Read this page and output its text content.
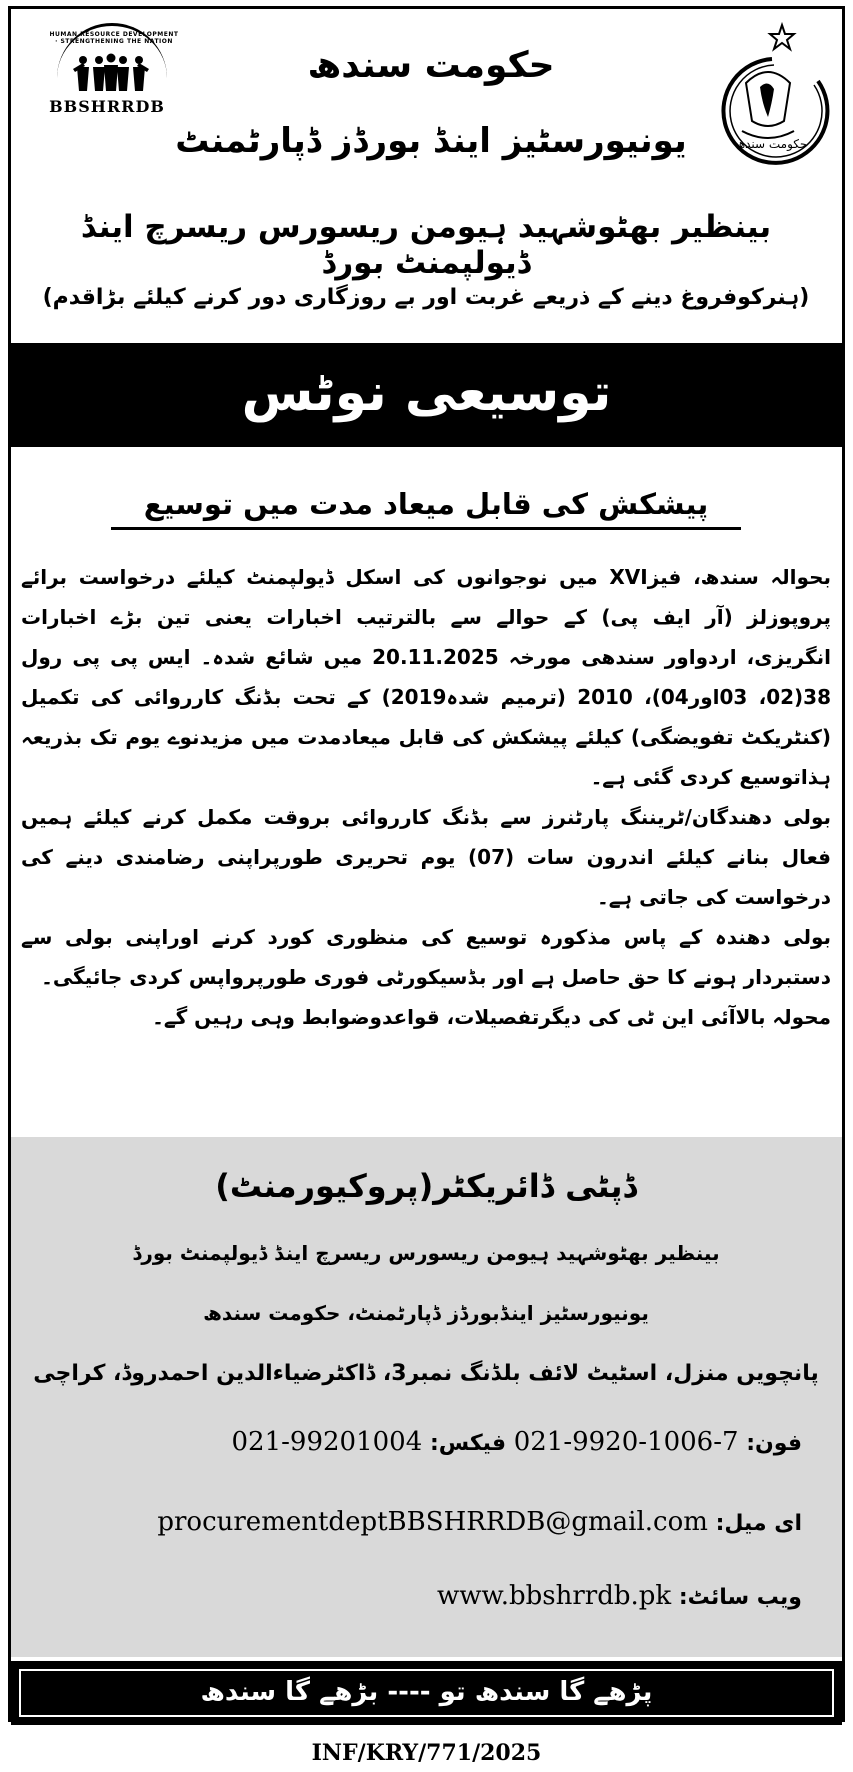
HUMAN RESOURCE DEVELOPMENT · STRENGTHENING THE NATION
BBSHRRDB
حکومت سندھ
حکومت سندھ
یونیورسٹیز اینڈ بورڈز ڈپارٹمنٹ
بینظیر بھٹوشہید ہیومن ریسورس ریسرچ اینڈ ڈیولپمنٹ بورڈ
(ہنرکوفروغ دینے کے ذریعے غربت اور بے روزگاری دور کرنے کیلئے بڑاقدم)
توسیعی نوٹس
پیشکش کی قابل میعاد مدت میں توسیع

بحوالہ سندھ، فیزXVI میں نوجوانوں کی اسکل ڈیولپمنٹ کیلئے درخواست برائے پروپوزلز (آر ایف پی) کے حوالے سے بالترتیب اخبارات یعنی تین بڑے اخبارات انگریزی، اردواور سندھی مورخہ 20.11.2025 میں شائع شدہ۔ ایس پی پی رول 38(02، 03اور04)، 2010 (ترمیم شدہ2019) کے تحت بڈنگ کارروائی کی تکمیل (کنٹریکٹ تفویضگی) کیلئے پیشکش کی قابل میعادمدت میں مزیدنوے یوم تک بذریعہ ہذاتوسیع کردی گئی ہے۔

بولی دھندگان/ٹریننگ پارٹنرز سے بڈنگ کارروائی بروقت مکمل کرنے کیلئے ہمیں فعال بنانے کیلئے اندرون سات (07) یوم تحریری طورپراپنی رضامندی دینے کی درخواست کی جاتی ہے۔

بولی دھندہ کے پاس مذکورہ توسیع کی منظوری کورد کرنے اوراپنی بولی سے دستبردار ہونے کا حق حاصل ہے اور بڈسیکورٹی فوری طورپرواپس کردی جائیگی۔

محولہ بالاآئی این ٹی کی دیگرتفصیلات، قواعدوضوابط وہی رہیں گے۔

ڈپٹی ڈائریکٹر(پروکیورمنٹ)
بینظیر بھٹوشہید ہیومن ریسورس ریسرچ اینڈ ڈیولپمنٹ بورڈ
یونیورسٹیز اینڈبورڈز ڈپارٹمنٹ، حکومت سندھ
پانچویں منزل، اسٹیٹ لائف بلڈنگ نمبر3، ڈاکٹرضیاءالدین احمدروڈ، کراچی
فون: 021-9920-1006-7 فیکس: 021-99201004
ای میل: procurementdeptBBSHRRDB@gmail.com
ویب سائٹ: www.bbshrrdb.pk
پڑھے گا سندھ تو ---- بڑھے گا سندھ
INF/KRY/771/2025
